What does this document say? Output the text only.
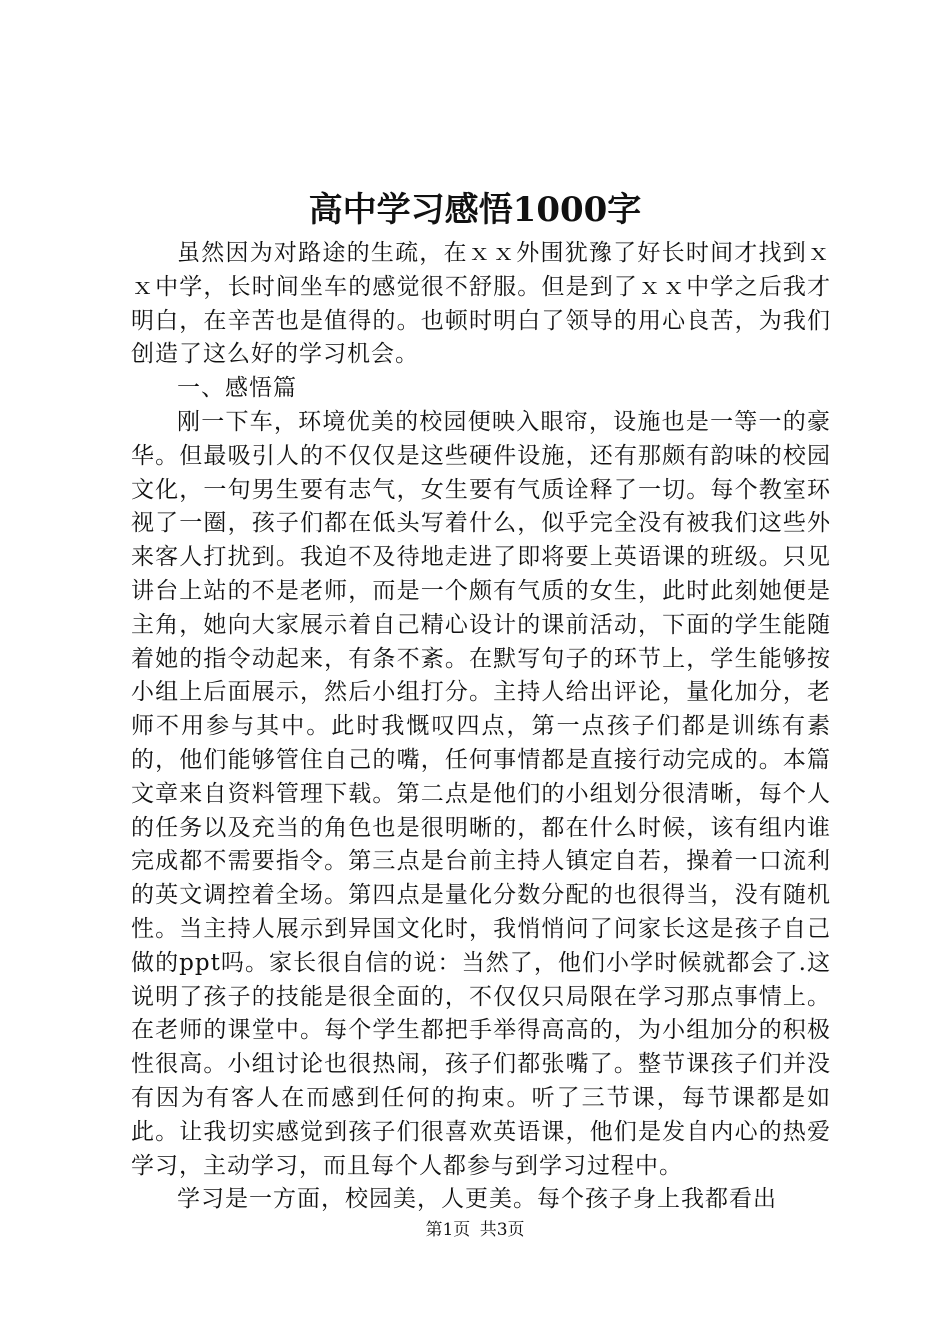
高中学习感悟1000字

虽然因为对路途的生疏，在ｘｘ外围犹豫了好长时间才找到ｘｘ中学，长时间坐车的感觉很不舒服。但是到了ｘｘ中学之后我才明白，在辛苦也是值得的。也顿时明白了领导的用心良苦，为我们创造了这么好的学习机会。

一、感悟篇

刚一下车，环境优美的校园便映入眼帘，设施也是一等一的豪华。但最吸引人的不仅仅是这些硬件设施，还有那颇有韵味的校园文化，一句男生要有志气，女生要有气质诠释了一切。每个教室环视了一圈，孩子们都在低头写着什么，似乎完全没有被我们这些外来客人打扰到。我迫不及待地走进了即将要上英语课的班级。只见讲台上站的不是老师，而是一个颇有气质的女生，此时此刻她便是主角，她向大家展示着自己精心设计的课前活动，下面的学生能随着她的指令动起来，有条不紊。在默写句子的环节上，学生能够按小组上后面展示，然后小组打分。主持人给出评论，量化加分，老师不用参与其中。此时我慨叹四点，第一点孩子们都是训练有素的，他们能够管住自己的嘴，任何事情都是直接行动完成的。本篇文章来自资料管理下载。第二点是他们的小组划分很清晰，每个人的任务以及充当的角色也是很明晰的，都在什么时候，该有组内谁完成都不需要指令。第三点是台前主持人镇定自若，操着一口流利的英文调控着全场。第四点是量化分数分配的也很得当，没有随机性。当主持人展示到异国文化时，我悄悄问了问家长这是孩子自己做的ppt吗。家长很自信的说：当然了，他们小学时候就都会了.这说明了孩子的技能是很全面的，不仅仅只局限在学习那点事情上。在老师的课堂中。每个学生都把手举得高高的，为小组加分的积极性很高。小组讨论也很热闹，孩子们都张嘴了。整节课孩子们并没有因为有客人在而感到任何的拘束。听了三节课，每节课都是如此。让我切实感觉到孩子们很喜欢英语课，他们是发自内心的热爱学习，主动学习，而且每个人都参与到学习过程中。

学习是一方面，校园美，人更美。每个孩子身上我都看出

第1页 共3页
